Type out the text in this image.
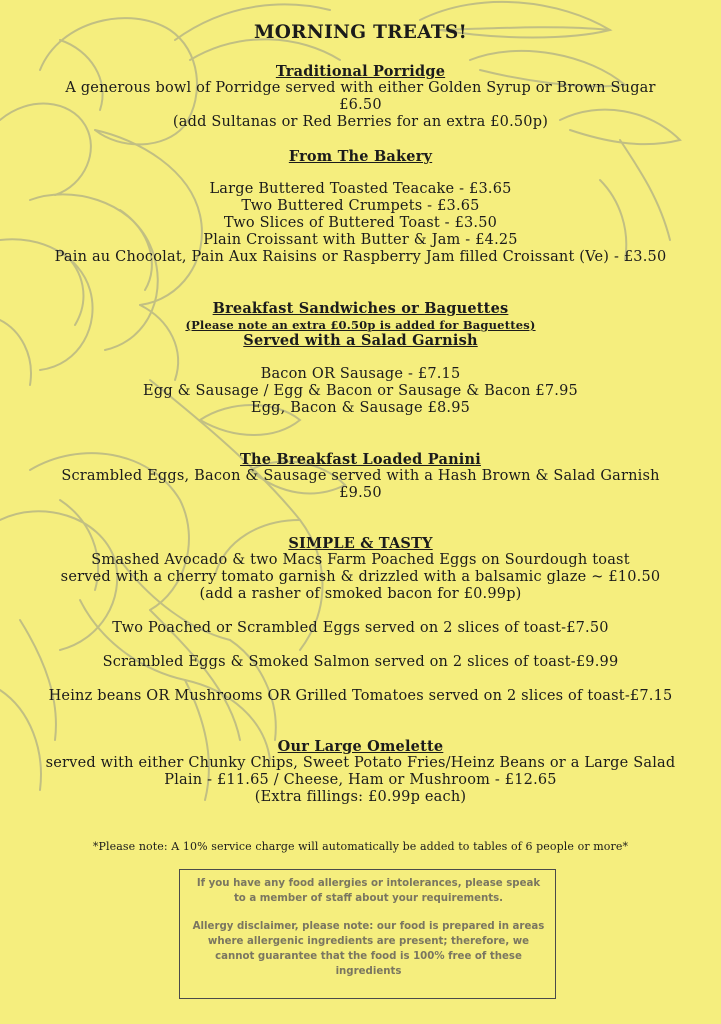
MORNING TREATS!
Traditional Porridge
A generous bowl of Porridge served with either Golden Syrup or Brown Sugar
£6.50
(add Sultanas or Red Berries for an extra £0.50p)
From The Bakery
Large Buttered Toasted Teacake - £3.65
Two Buttered Crumpets - £3.65
Two Slices of Buttered Toast - £3.50
Plain Croissant with Butter & Jam - £4.25
Pain au Chocolat, Pain Aux Raisins or Raspberry Jam filled Croissant (Ve) - £3.50
Breakfast Sandwiches or Baguettes
(Please note an extra £0.50p is added for Baguettes)
Served with a Salad Garnish
Bacon OR Sausage - £7.15
Egg & Sausage / Egg & Bacon or Sausage & Bacon £7.95
Egg, Bacon & Sausage £8.95
The Breakfast Loaded Panini
Scrambled Eggs, Bacon & Sausage served with a Hash Brown & Salad Garnish
£9.50
SIMPLE & TASTY
Smashed Avocado & two Macs Farm Poached Eggs on Sourdough toast
served with a cherry tomato garnish & drizzled with a balsamic glaze ~ £10.50
(add a rasher of smoked bacon for £0.99p)
Two Poached or Scrambled Eggs served on 2 slices of toast-£7.50
Scrambled Eggs & Smoked Salmon served on 2 slices of toast-£9.99
Heinz beans OR Mushrooms OR Grilled Tomatoes served on 2 slices of toast-£7.15
Our Large Omelette
served with either Chunky Chips, Sweet Potato Fries/Heinz Beans or a Large Salad
Plain - £11.65 / Cheese, Ham or Mushroom - £12.65
(Extra fillings: £0.99p each)
*Please note: A 10% service charge will automatically be added to tables of 6 people or more*
If you have any food allergies or intolerances, please speak
to a member of staff about your requirements.
Allergy disclaimer, please note: our food is prepared in areas
where allergenic ingredients are present; therefore, we
cannot guarantee that the food is 100% free of these
ingredients
